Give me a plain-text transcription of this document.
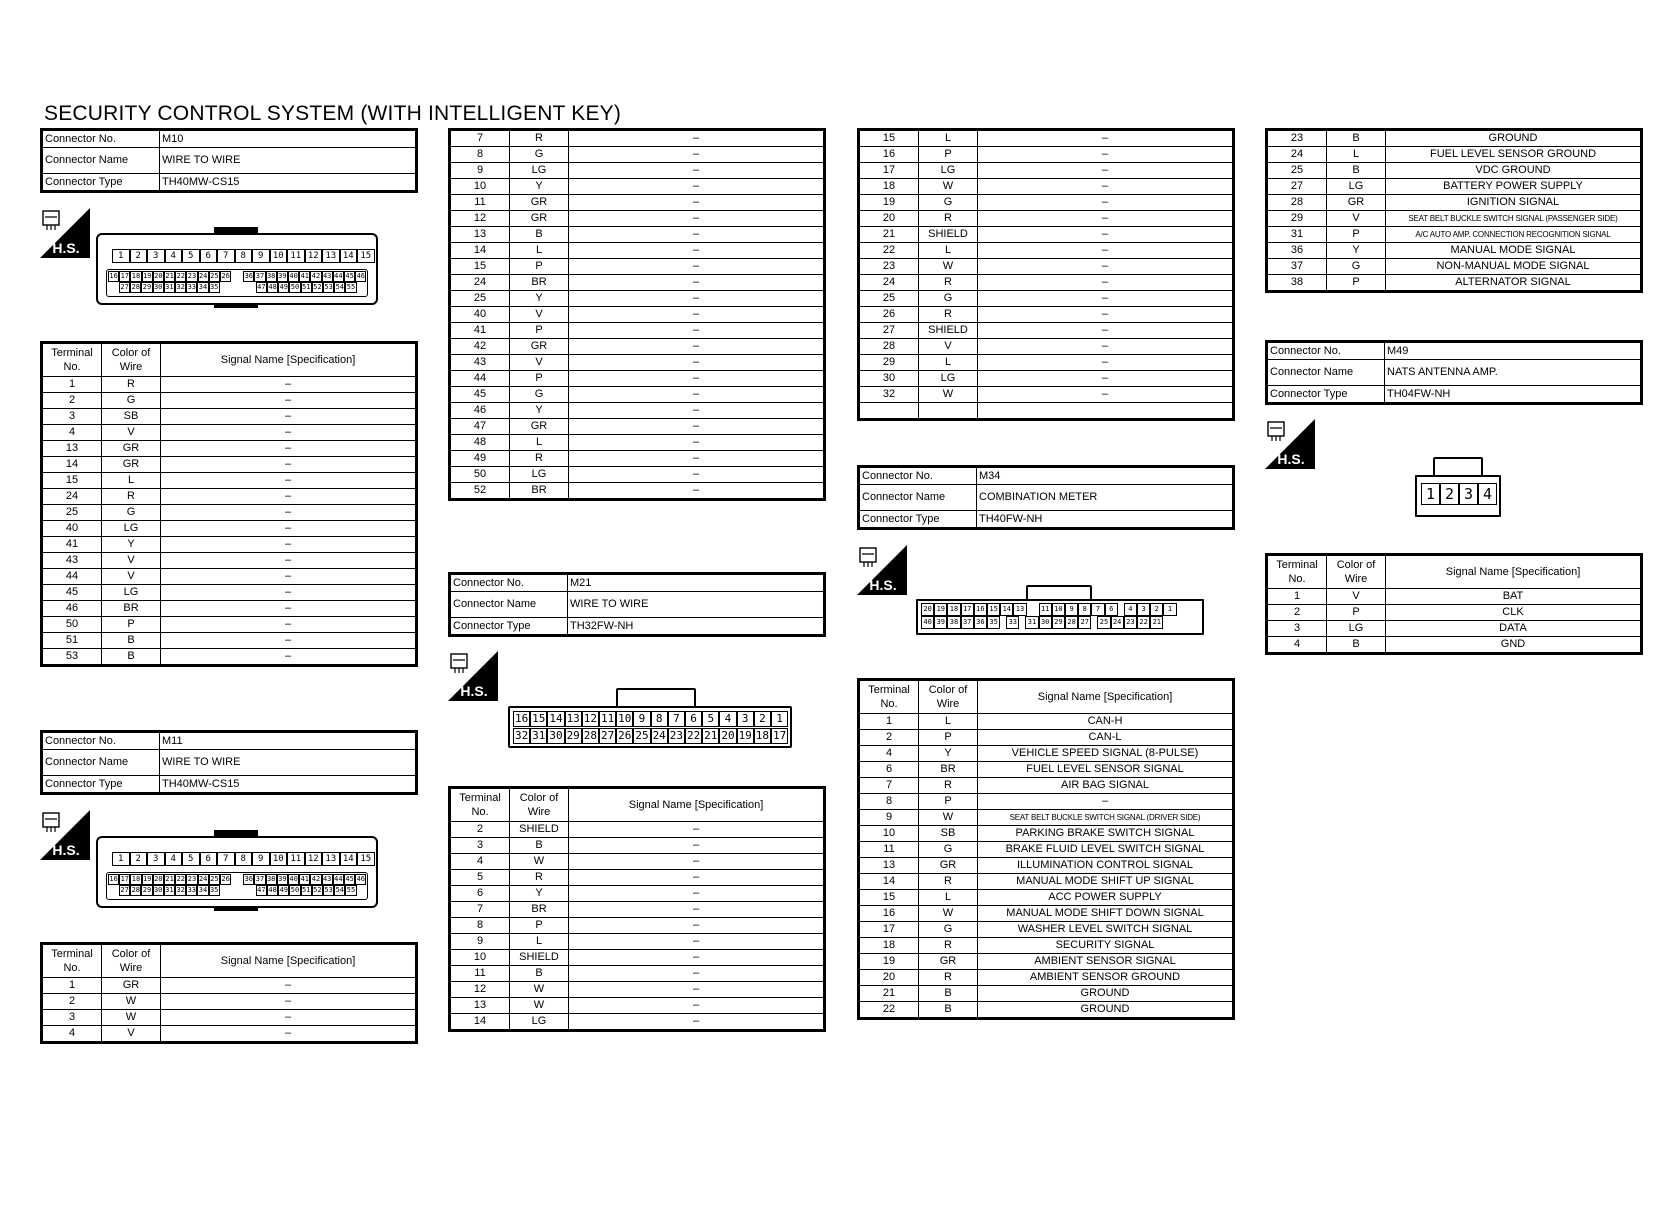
SECURITY CONTROL SYSTEM (WITH INTELLIGENT KEY)
Connector No.	M10
Connector Name	WIRE TO WIRE
Connector Type	TH40MW-CS15
H.S.	1	2	3	4	5	6	7	8	9	10 11 12 13 14 15
16 17 18 19 20 21 22 23 24 25 26 36 37 38 39 40 41 42 43 44 45 46
27 28 29 30 31 32 33 34 35	47 48 49 50 51 52 53 54 55
Terminal No.	Color of Wire	Signal Name [Specification]
1	R	–
2	G	–
3	SB	–
4	V	–
13	GR	–
14	GR	–
15	L	–
24	R	–
25	G	–
40	LG	–
41	Y	–
43	V	–
44	V	–
45	LG	–
46	BR	–
50	P	–
51	B	–
53	B	–
Connector No.	M11
Connector Name	WIRE TO WIRE
Connector Type	TH40MW-CS15
H.S.
1	2	3	4	5	6	7	8	9	10 11 12 13 14 15
16 17 18 19 20 21 22 23 24 25 26 36 37 38 39 40 41 42 43 44 45 46
27 28 29 30 31 32 33 34 35	47 48 49 50 51 52 53 54 55
Terminal No.	Color of Wire	Signal Name [Specification]
1	GR	–
2	W	–
3	W	–
4	V	–
7	R	–
8	G	–
9	LG	–
10	Y	–
11	GR	–
12	GR	–
13	B	–
14	L	–
15	P	–
24	BR	–
25	Y	–
40	V	–
41	P	–
42	GR	–
43	V	–
44	P	–
45	G	–
46	Y	–
47	GR	–
48	L	–
49	R	–
50	LG	–
52	BR	–
Connector No.	M21
Connector Name	WIRE TO WIRE
Connector Type	TH32FW-NH
H.S.
16 15 14 13 12 11 10 9 8 7 6 5 4 3 2 1
32 31 30 29 28 27 26 25 24 23 22 21 20 19 18 17
Terminal No.	Color of Wire	Signal Name [Specification]
2	SHIELD	–
3	B	–
4	W	–
5	R	–
6	Y	–
7	BR	–
8	P	–
9	L	–
10	SHIELD	–
11	B	–
12	W	–
13	W	–
14	LG	–
15	L	–
16	P	–
17	LG	–
18	W	–
19	G	–
20	R	–
21	SHIELD	–
22	L	–
23	W	–
24	R	–
25	G	–
26	R	–
27	SHIELD	–
28	V	–
29	L	–
30	LG	–
32	W	–

Connector No.	M34
Connector Name	COMBINATION METER
Connector Type	TH40FW-NH
H.S.
20 19 18 17 16 15 14 13	11 10 9	8	7	6	4	3	2	1
40 39 38 37 36 35	33	31 30 29 28 27	25 24 23 22 21
Terminal No.	Color of Wire	Signal Name [Specification]
1	L	CAN-H
2	P	CAN-L
4	Y	VEHICLE SPEED SIGNAL (8-PULSE)
6	BR	FUEL LEVEL SENSOR SIGNAL
7	R	AIR BAG SIGNAL
8	P	–
9	W	SEAT BELT BUCKLE SWITCH SIGNAL (DRIVER SIDE)
10	SB	PARKING BRAKE SWITCH SIGNAL
11	G	BRAKE FLUID LEVEL SWITCH SIGNAL
13	GR	ILLUMINATION CONTROL SIGNAL
14	R	MANUAL MODE SHIFT UP SIGNAL
15	L	ACC POWER SUPPLY
16	W	MANUAL MODE SHIFT DOWN SIGNAL
17	G	WASHER LEVEL SWITCH SIGNAL
18	R	SECURITY SIGNAL
19	GR	AMBIENT SENSOR SIGNAL
20	R	AMBIENT SENSOR GROUND
21	B	GROUND
22	B	GROUND
23	B	GROUND
24	L	FUEL LEVEL SENSOR GROUND
25	B	VDC GROUND
27	LG	BATTERY POWER SUPPLY
28	GR	IGNITION SIGNAL
29	V	SEAT BELT BUCKLE SWITCH SIGNAL (PASSENGER SIDE)
31	P	A/C AUTO AMP. CONNECTION RECOGNITION SIGNAL
36	Y	MANUAL MODE SIGNAL
37	G	NON-MANUAL MODE SIGNAL
38	P	ALTERNATOR SIGNAL
Connector No.	M49
Connector Name	NATS ANTENNA AMP.
Connector Type	TH04FW-NH
H.S.
1 2 3 4
Terminal No.	Color of Wire	Signal Name [Specification]
1	V	BAT
2	P	CLK
3	LG	DATA
4	B	GND
